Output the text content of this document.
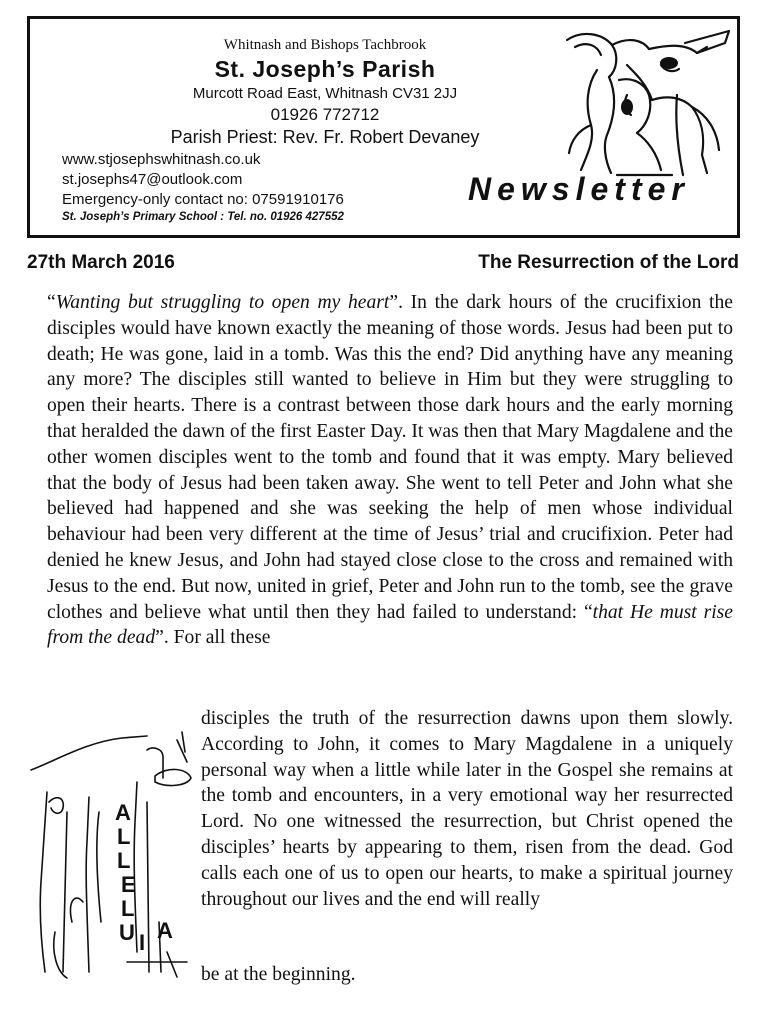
Whitnash and Bishops Tachbrook
St. Joseph’s Parish
Murcott Road East, Whitnash CV31 2JJ
01926 772712
Parish Priest: Rev. Fr. Robert Devaney
www.stjosephswhitnash.co.uk
st.josephs47@outlook.com
Emergency-only contact no: 07591910176
St. Joseph’s Primary School : Tel. no. 01926 427552
Newsletter
27th March 2016	The Resurrection of the Lord
“Wanting but struggling to open my heart”. In the dark hours of the crucifixion the disciples would have known exactly the meaning of those words. Jesus had been put to death; He was gone, laid in a tomb. Was this the end? Did anything have any meaning any more? The disciples still wanted to believe in Him but they were struggling to open their hearts. There is a contrast between those dark hours and the early morning that heralded the dawn of the first Easter Day. It was then that Mary Magdalene and the other women disciples went to the tomb and found that it was empty. Mary believed that the body of Jesus had been taken away. She went to tell Peter and John what she believed had happened and she was seeking the help of men whose individual behaviour had been very different at the time of Jesus’ trial and crucifixion. Peter had denied he knew Jesus, and John had stayed close close to the cross and remained with Jesus to the end. But now, united in grief, Peter and John run to the tomb, see the grave clothes and believe what until then they had failed to understand: “that He must rise from the dead”. For all these
disciples the truth of the resurrection dawns upon them slowly. According to John, it comes to Mary Magdalene in a uniquely personal way when a little while later in the Gospel she remains at the tomb and encounters, in a very emotional way her resurrected Lord. No one witnessed the resurrection, but Christ opened the disciples’ hearts by appearing to them, risen from the dead. God calls each one of us to open our hearts, to make a spiritual journey throughout our lives and the end will really
be at the beginning.
A
L
L
E
L
U I A
